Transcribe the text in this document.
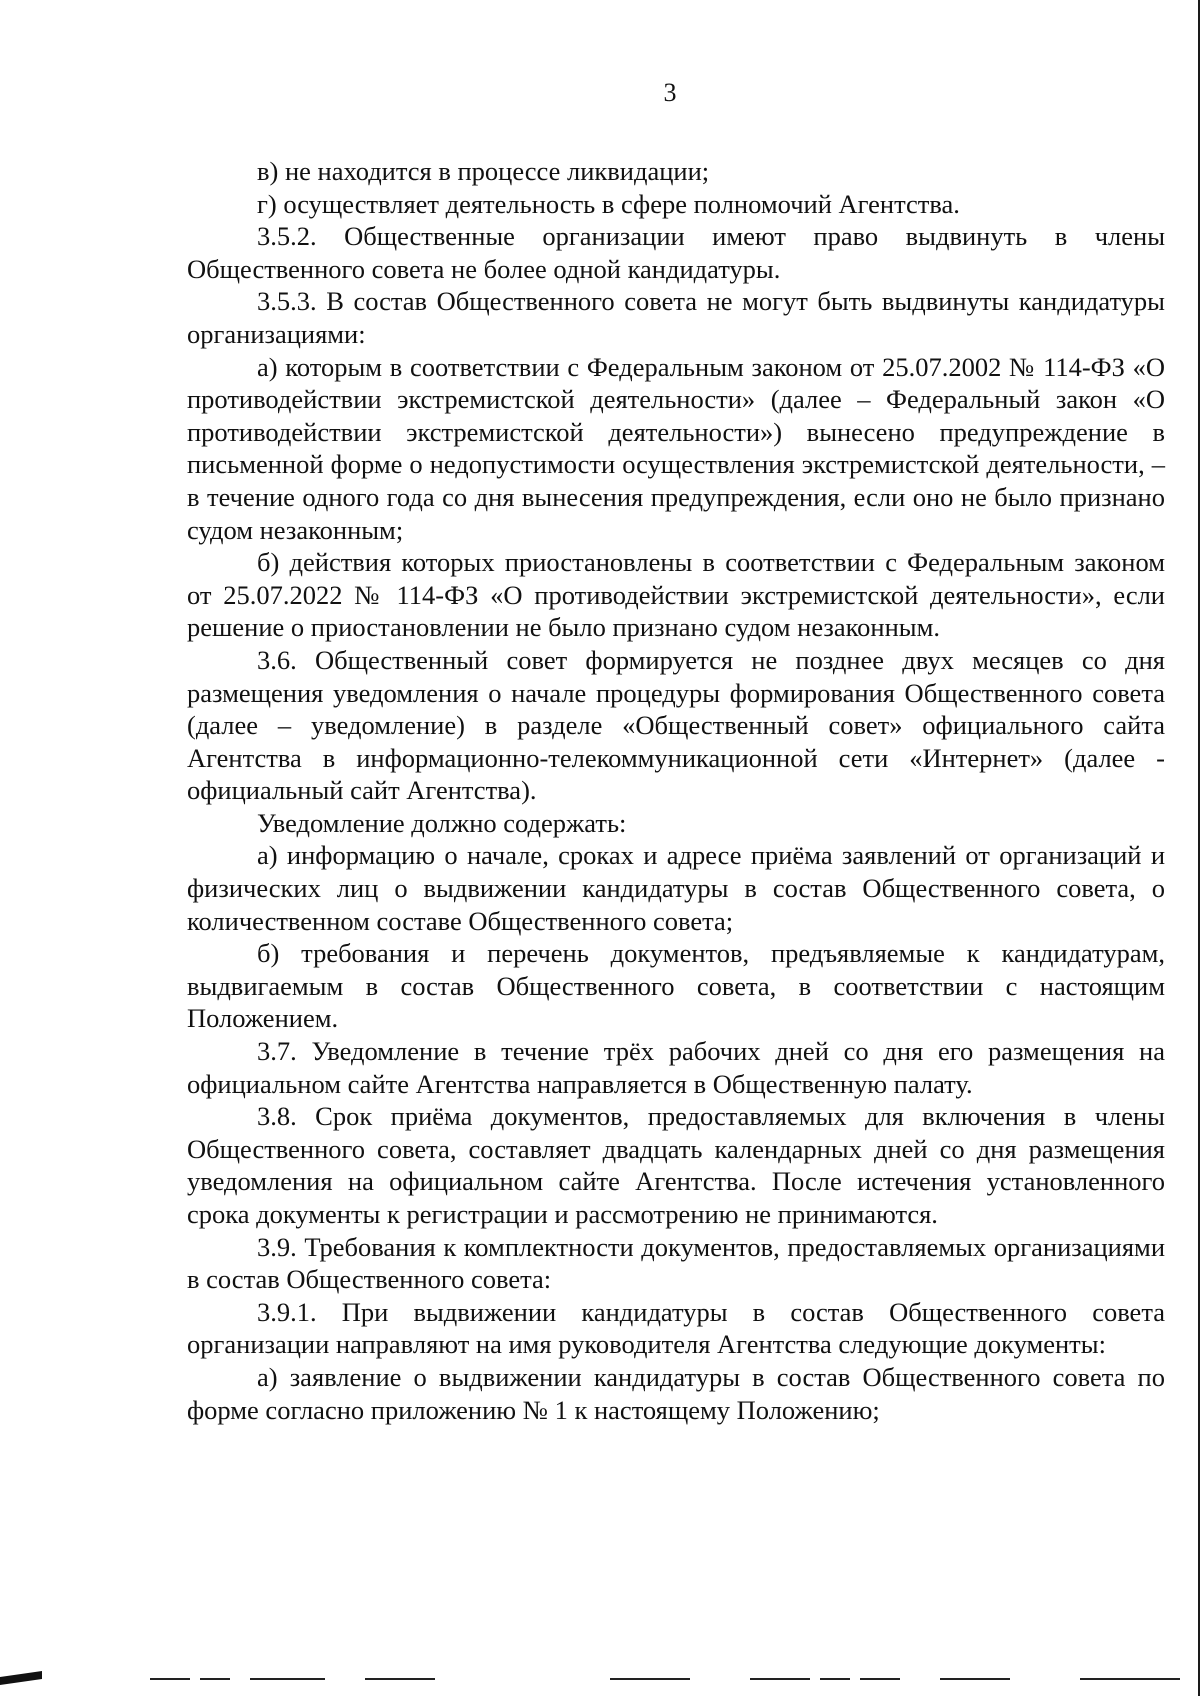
3

в) не находится в процессе ликвидации;

г) осуществляет деятельность в сфере полномочий Агентства.

3.5.2. Общественные организации имеют право выдвинуть в члены Общественного совета не более одной кандидатуры.

3.5.3. В состав Общественного совета не могут быть выдвинуты кандидатуры организациями:

а) которым в соответствии с Федеральным законом от 25.07.2002 № 114-ФЗ «О противодействии экстремистской деятельности» (далее – Федеральный закон «О противодействии экстремистской деятельности») вынесено предупреждение в письменной форме о недопустимости осуществления экстремистской деятельности, – в течение одного года со дня вынесения предупреждения, если оно не было признано судом незаконным;

б) действия которых приостановлены в соответствии с Федеральным законом от 25.07.2022 № 114-ФЗ «О противодействии экстремистской деятельности», если решение о приостановлении не было признано судом незаконным.

3.6. Общественный совет формируется не позднее двух месяцев со дня размещения уведомления о начале процедуры формирования Общественного совета (далее – уведомление) в разделе «Общественный совет» официального сайта Агентства в информационно-телекоммуникационной сети «Интернет» (далее - официальный сайт Агентства).

Уведомление должно содержать:

а) информацию о начале, сроках и адресе приёма заявлений от организаций и физических лиц о выдвижении кандидатуры в состав Общественного совета, о количественном составе Общественного совета;

б) требования и перечень документов, предъявляемые к кандидатурам, выдвигаемым в состав Общественного совета, в соответствии с настоящим Положением.

3.7. Уведомление в течение трёх рабочих дней со дня его размещения на официальном сайте Агентства направляется в Общественную палату.

3.8. Срок приёма документов, предоставляемых для включения в члены Общественного совета, составляет двадцать календарных дней со дня размещения уведомления на официальном сайте Агентства. После истечения установленного срока документы к регистрации и рассмотрению не принимаются.

3.9. Требования к комплектности документов, предоставляемых организациями в состав Общественного совета:

3.9.1. При выдвижении кандидатуры в состав Общественного совета организации направляют на имя руководителя Агентства следующие документы:

а) заявление о выдвижении кандидатуры в состав Общественного совета по форме согласно приложению № 1 к настоящему Положению;
